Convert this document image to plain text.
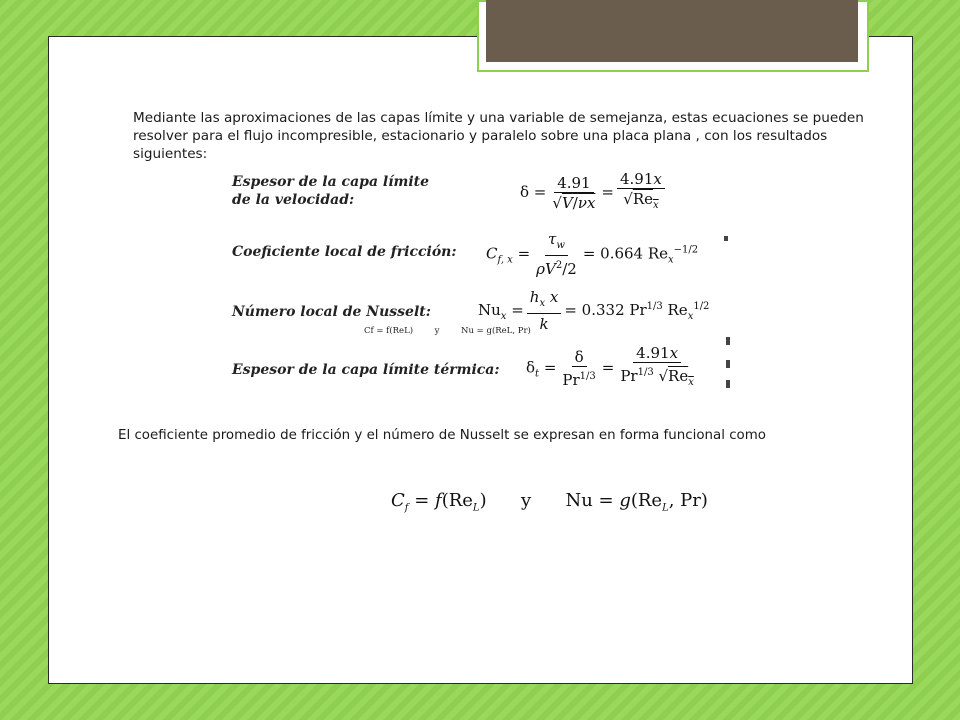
Mediante las aproximaciones de las capas límite y una variable de semejanza, estas ecuaciones se pueden resolver para el flujo incompresible, estacionario y paralelo sobre una placa plana , con los resultados siguientes:
Espesor de la capa límite
de la velocidad:	$\delta = \frac{4.91}{√V/\nu x} = \frac{4.91x}{√Re_x}$
Coeficiente local de fricción: $C_{f, x} = \frac{\tau_w}{\rho V^2/2} = 0.664$ $Re_x^{-1/2}$
Número local de Nusselt:	$Nu_x = \frac{h_x x}{k} = 0.332$ $Pr^{1/3}$ $Re_x^{1/2}$
Cf = f(ReL)        y        Nu = g(ReL, Pr)
Espesor de la capa límite térmica: $\delta_t = \frac{\delta}{Pr^{1/3}} = \frac{4.91x}{Pr^{1/3} √Re_x}$
El coeficiente promedio de fricción y el número de Nusselt se expresan en forma funcional como
$C_f = f(Re_L)$ y $Nu = g(Re_L$, Pr)
